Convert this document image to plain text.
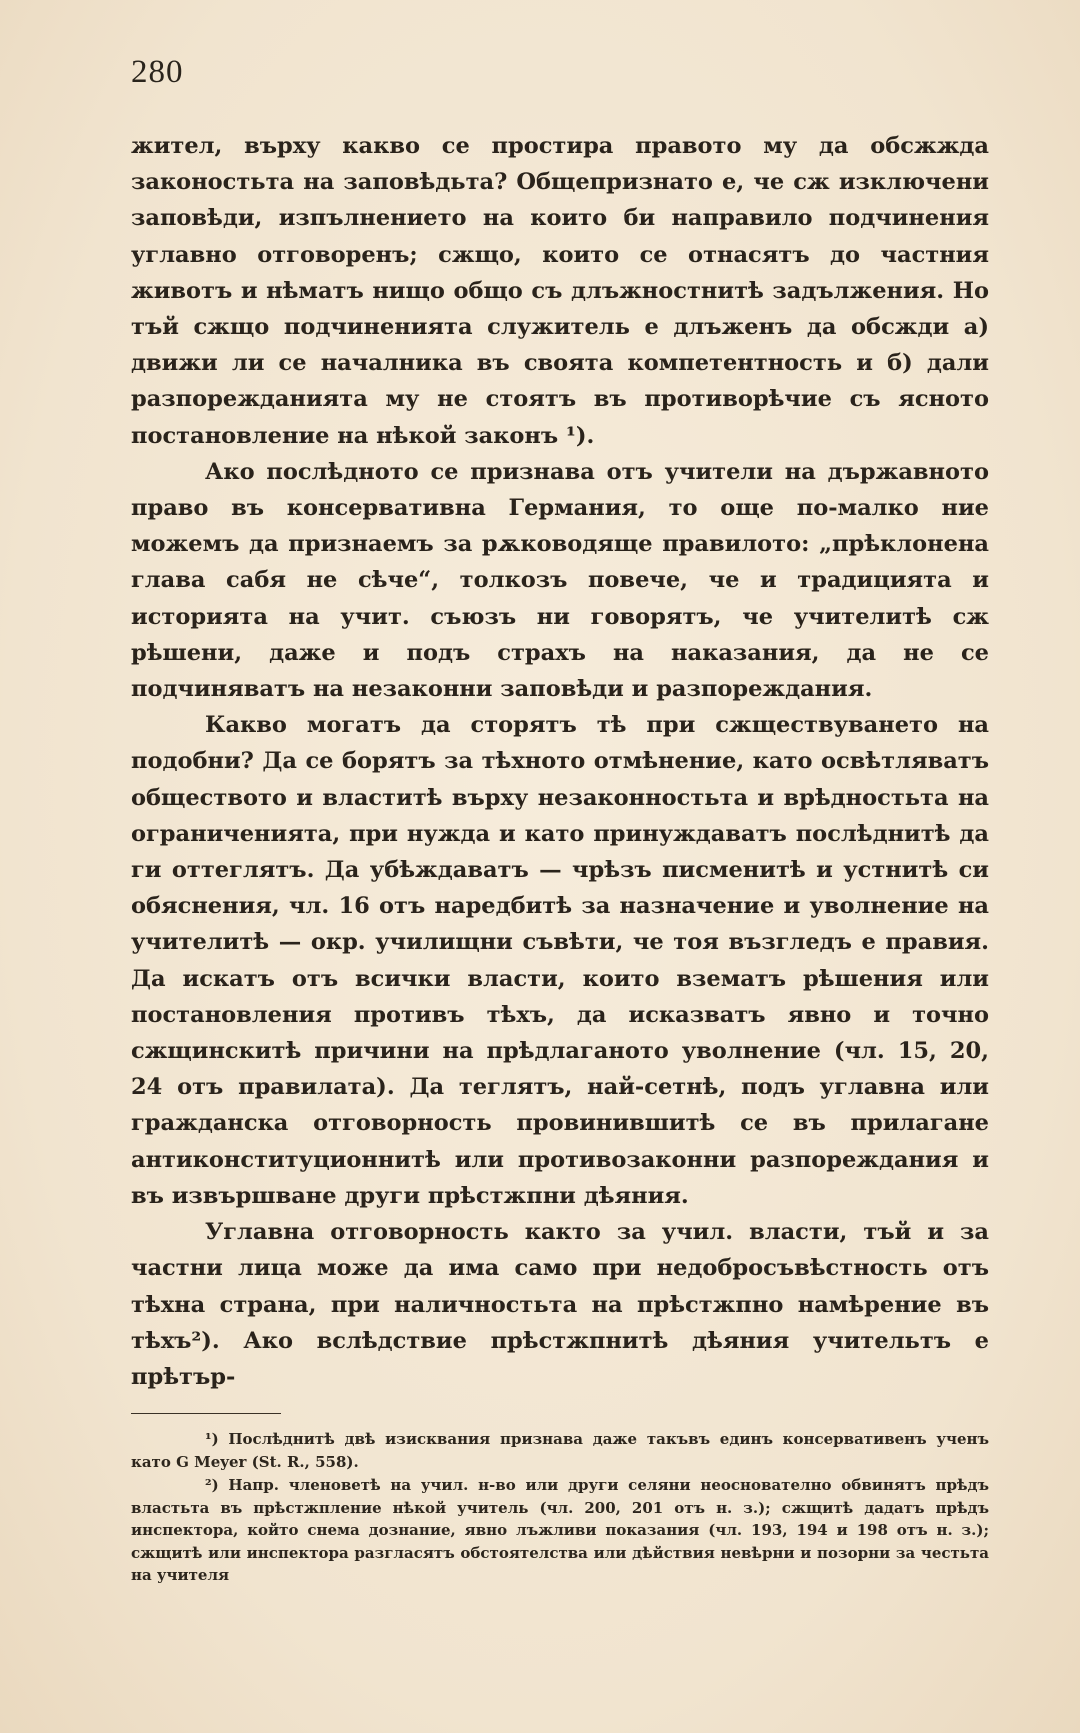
280

жител, върху какво се простира правото му да обсжжда законостьта на заповѣдьта? Общепризнато е, че сж изключени заповѣди, изпълнението на които би направило подчинения углавно отговоренъ; сжщо, които се отнасятъ до частния животъ и нѣматъ нищо общо съ длъжностнитѣ задължения. Но тъй сжщо подчиненията служитель е длъженъ да обсжди а) движи ли се началника въ своята компетентность и б) дали разпорежданията му не стоятъ въ противорѣчие съ ясното постановление на нѣкой законъ ¹).

Ако послѣдното се признава отъ учители на държавното право въ консервативна Германия, то още по-малко ние можемъ да признаемъ за рѫководяще правилото: „прѣклонена глава сабя не сѣче“, толкозъ повече, че и традицията и историята на учит. съюзъ ни говорятъ, че учителитѣ сж рѣшени, даже и подъ страхъ на наказания, да не се подчиняватъ на незаконни заповѣди и разпореждания.

Какво могатъ да сторятъ тѣ при сжществуването на подобни? Да се борятъ за тѣхното отмѣнение, като освѣтляватъ обществото и властитѣ върху незаконностьта и врѣдностьта на ограниченията, при нужда и като принуждаватъ послѣднитѣ да ги оттеглятъ. Да убѣждаватъ — чрѣзъ писменитѣ и устнитѣ си обяснения, чл. 16 отъ наредбитѣ за назначение и уволнение на учителитѣ — окр. училищни съвѣти, че тоя възгледъ е правия. Да искатъ отъ всички власти, които взематъ рѣшения или постановления противъ тѣхъ, да исказватъ явно и точно сжщинскитѣ причини на прѣдлаганото уволнение (чл. 15, 20, 24 отъ правилата). Да теглятъ, най-сетнѣ, подъ углавна или гражданска отговорность провинившитѣ се въ прилагане антиконституционнитѣ или противозаконни разпореждания и въ извършване други прѣстжпни дѣяния.

Углавна отговорность както за учил. власти, тъй и за частни лица може да има само при недобросъвѣстность отъ тѣхна страна, при наличностьта на прѣстжпно намѣрение въ тѣхъ²). Ако вслѣдствие прѣстжпнитѣ дѣяния учительтъ е прѣтър-

¹) Послѣднитѣ двѣ изисквания признава даже такъвъ единъ консервативенъ ученъ като G Meyer (St. R., 558).

²) Напр. членоветѣ на учил. н-во или други селяни неоснователно обвинятъ прѣдъ властьта въ прѣстжпление нѣкой учитель (чл. 200, 201 отъ н. з.); сжщитѣ дадатъ прѣдъ инспектора, който снема дознание, явно лъжливи показания (чл. 193, 194 и 198 отъ н. з.); сжщитѣ или инспектора разгласятъ обстоятелства или дѣйствия невѣрни и позорни за честьта на учителя
